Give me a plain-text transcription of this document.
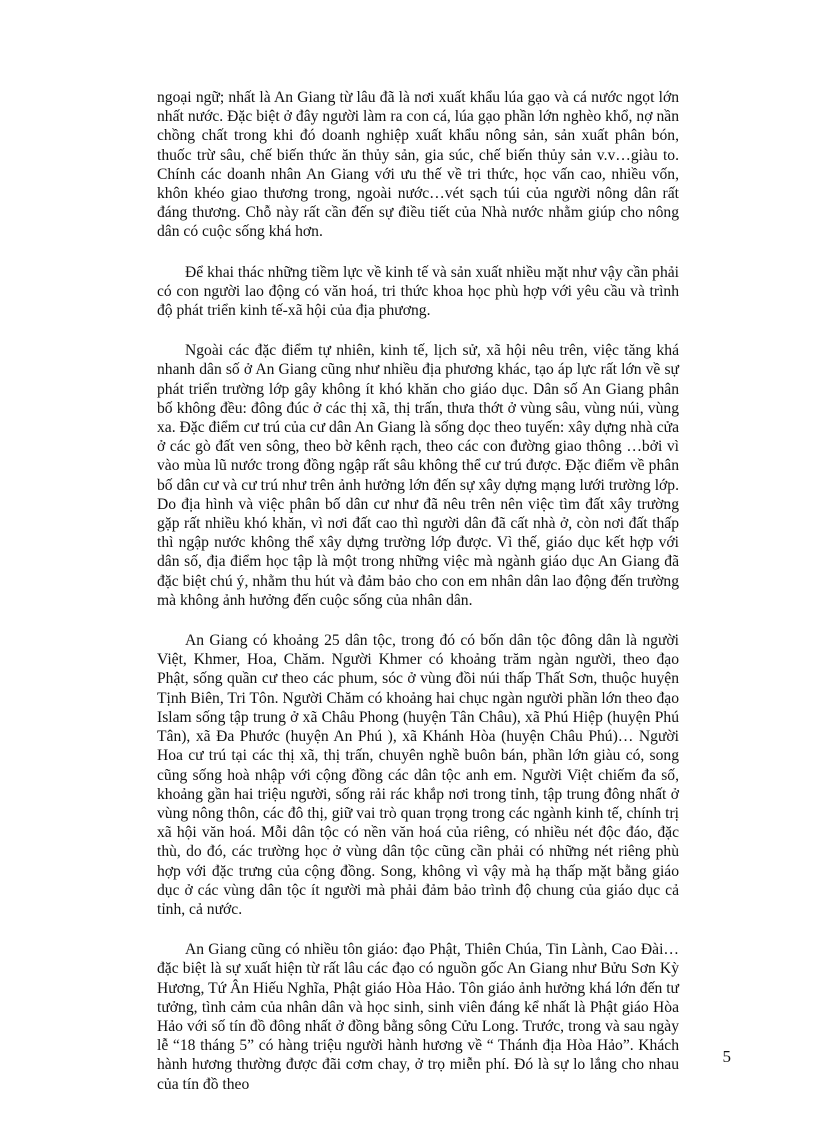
ngoại ngữ; nhất là An Giang từ lâu đã là nơi xuất khẩu lúa gạo và cá nước ngọt lớn nhất nước. Đặc biệt ở đây người làm ra con cá, lúa gạo phần lớn nghèo khổ, nợ nần chồng chất trong khi đó doanh nghiệp xuất khẩu nông sản, sản xuất phân bón, thuốc trừ sâu, chế biến thức ăn thủy sản, gia súc, chế biến thủy sản v.v…giàu to. Chính các doanh nhân An Giang với ưu thế về tri thức, học vấn cao, nhiều vốn, khôn khéo giao thương trong, ngoài nước…vét sạch túi của người nông dân rất đáng thương. Chỗ này rất cần đến sự điều tiết của Nhà nước nhằm giúp cho nông dân có cuộc sống khá hơn.

Để khai thác những tiềm lực về kinh tế và sản xuất nhiều mặt như vậy cần phải có con người lao động có văn hoá, tri thức khoa học phù hợp với yêu cầu và trình độ phát triển kinh tế-xã hội của địa phương.

Ngoài các đặc điểm tự nhiên, kinh tế, lịch sử, xã hội nêu trên, việc tăng khá nhanh dân số ở An Giang cũng như nhiều địa phương khác, tạo áp lực rất lớn về sự phát triển trường lớp gây không ít khó khăn cho giáo dục. Dân số An Giang phân bố không đều: đông đúc ở các thị xã, thị trấn, thưa thớt ở vùng sâu, vùng núi, vùng xa. Đặc điểm cư trú của cư dân An Giang là sống dọc theo tuyến: xây dựng nhà cửa ở các gò đất ven sông, theo bờ kênh rạch, theo các con đường giao thông …bởi vì vào mùa lũ nước trong đồng ngập rất sâu không thể cư trú được. Đặc điểm về phân bố dân cư và cư trú như trên ảnh hưởng lớn đến sự xây dựng mạng lưới trường lớp. Do địa hình và việc phân bố dân cư như đã nêu trên nên việc tìm đất xây trường gặp rất nhiều khó khăn, vì nơi đất cao thì người dân đã cất nhà ở, còn nơi đất thấp thì ngập nước không thể xây dựng trường lớp được. Vì thế, giáo dục kết hợp với dân số, địa điểm học tập là một trong những việc mà ngành giáo dục An Giang đã đặc biệt chú ý, nhằm thu hút và đảm bảo cho con em nhân dân lao động đến trường mà không ảnh hưởng đến cuộc sống của nhân dân.

An Giang có khoảng 25 dân tộc, trong đó có bốn dân tộc đông dân là người Việt, Khmer, Hoa, Chăm. Người Khmer có khoảng trăm ngàn người, theo đạo Phật, sống quần cư theo các phum, sóc ở vùng đồi núi thấp Thất Sơn, thuộc huyện Tịnh Biên, Tri Tôn. Người Chăm có khoảng hai chục ngàn người phần lớn theo đạo Islam sống tập trung ở xã Châu Phong (huyện Tân Châu), xã Phú Hiệp (huyện Phú Tân), xã Đa Phước (huyện An Phú ), xã Khánh Hòa (huyện Châu Phú)… Người Hoa cư trú tại các thị xã, thị trấn, chuyên nghề buôn bán, phần lớn giàu có, song cũng sống hoà nhập với cộng đồng các dân tộc anh em. Người Việt chiếm đa số, khoảng gần hai triệu người, sống rải rác khắp nơi trong tỉnh, tập trung đông nhất ở vùng nông thôn, các đô thị, giữ vai trò quan trọng trong các ngành kinh tế, chính trị xã hội văn hoá. Mỗi dân tộc có nền văn hoá của riêng, có nhiều nét độc đáo, đặc thù, do đó, các trường học ở vùng dân tộc cũng cần phải có những nét riêng phù hợp với đặc trưng của cộng đồng. Song, không vì vậy mà hạ thấp mặt bằng giáo dục ở các vùng dân tộc ít người mà phải đảm bảo trình độ chung của giáo dục cả tỉnh, cả nước.

An Giang cũng có nhiều tôn giáo: đạo Phật, Thiên Chúa, Tin Lành, Cao Đài… đặc biệt là sự xuất hiện từ rất lâu các đạo có nguồn gốc An Giang như Bửu Sơn Kỳ Hương, Tứ Ân Hiếu Nghĩa, Phật giáo Hòa Hảo. Tôn giáo ảnh hưởng khá lớn đến tư tưởng, tình cảm của nhân dân và học sinh, sinh viên đáng kể nhất là Phật giáo Hòa Hảo với số tín đồ đông nhất ở đồng bằng sông Cửu Long. Trước, trong và sau ngày lễ “18 tháng 5” có hàng triệu người hành hương về “ Thánh địa Hòa Hảo”. Khách hành hương thường được đãi cơm chay, ở trọ miễn phí. Đó là sự lo lắng cho nhau của tín đồ theo

5
